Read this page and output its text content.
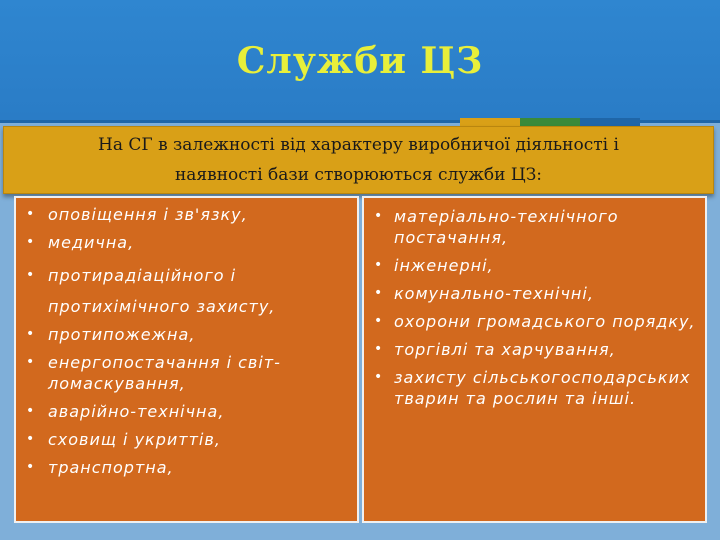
Служби ЦЗ
На СГ в залежності від характеру виробничої діяльності і
наявності бази створюються служби ЦЗ:
• оповіщення і зв'язку,
• медична,
• протирадіаційного і протихімічного захисту,
• протипожежна,
• енергопостачання і світ-ломаскування,
• аварійно-технічна,
• сховищ і укриттів,
• транспортна,
• матеріально-технічного постачання,
• інженерні,
• комунально-технічні,
• охорони громадського порядку,
• торгівлі та харчування,
• захисту сільськогосподарських тварин та рослин та інші.
